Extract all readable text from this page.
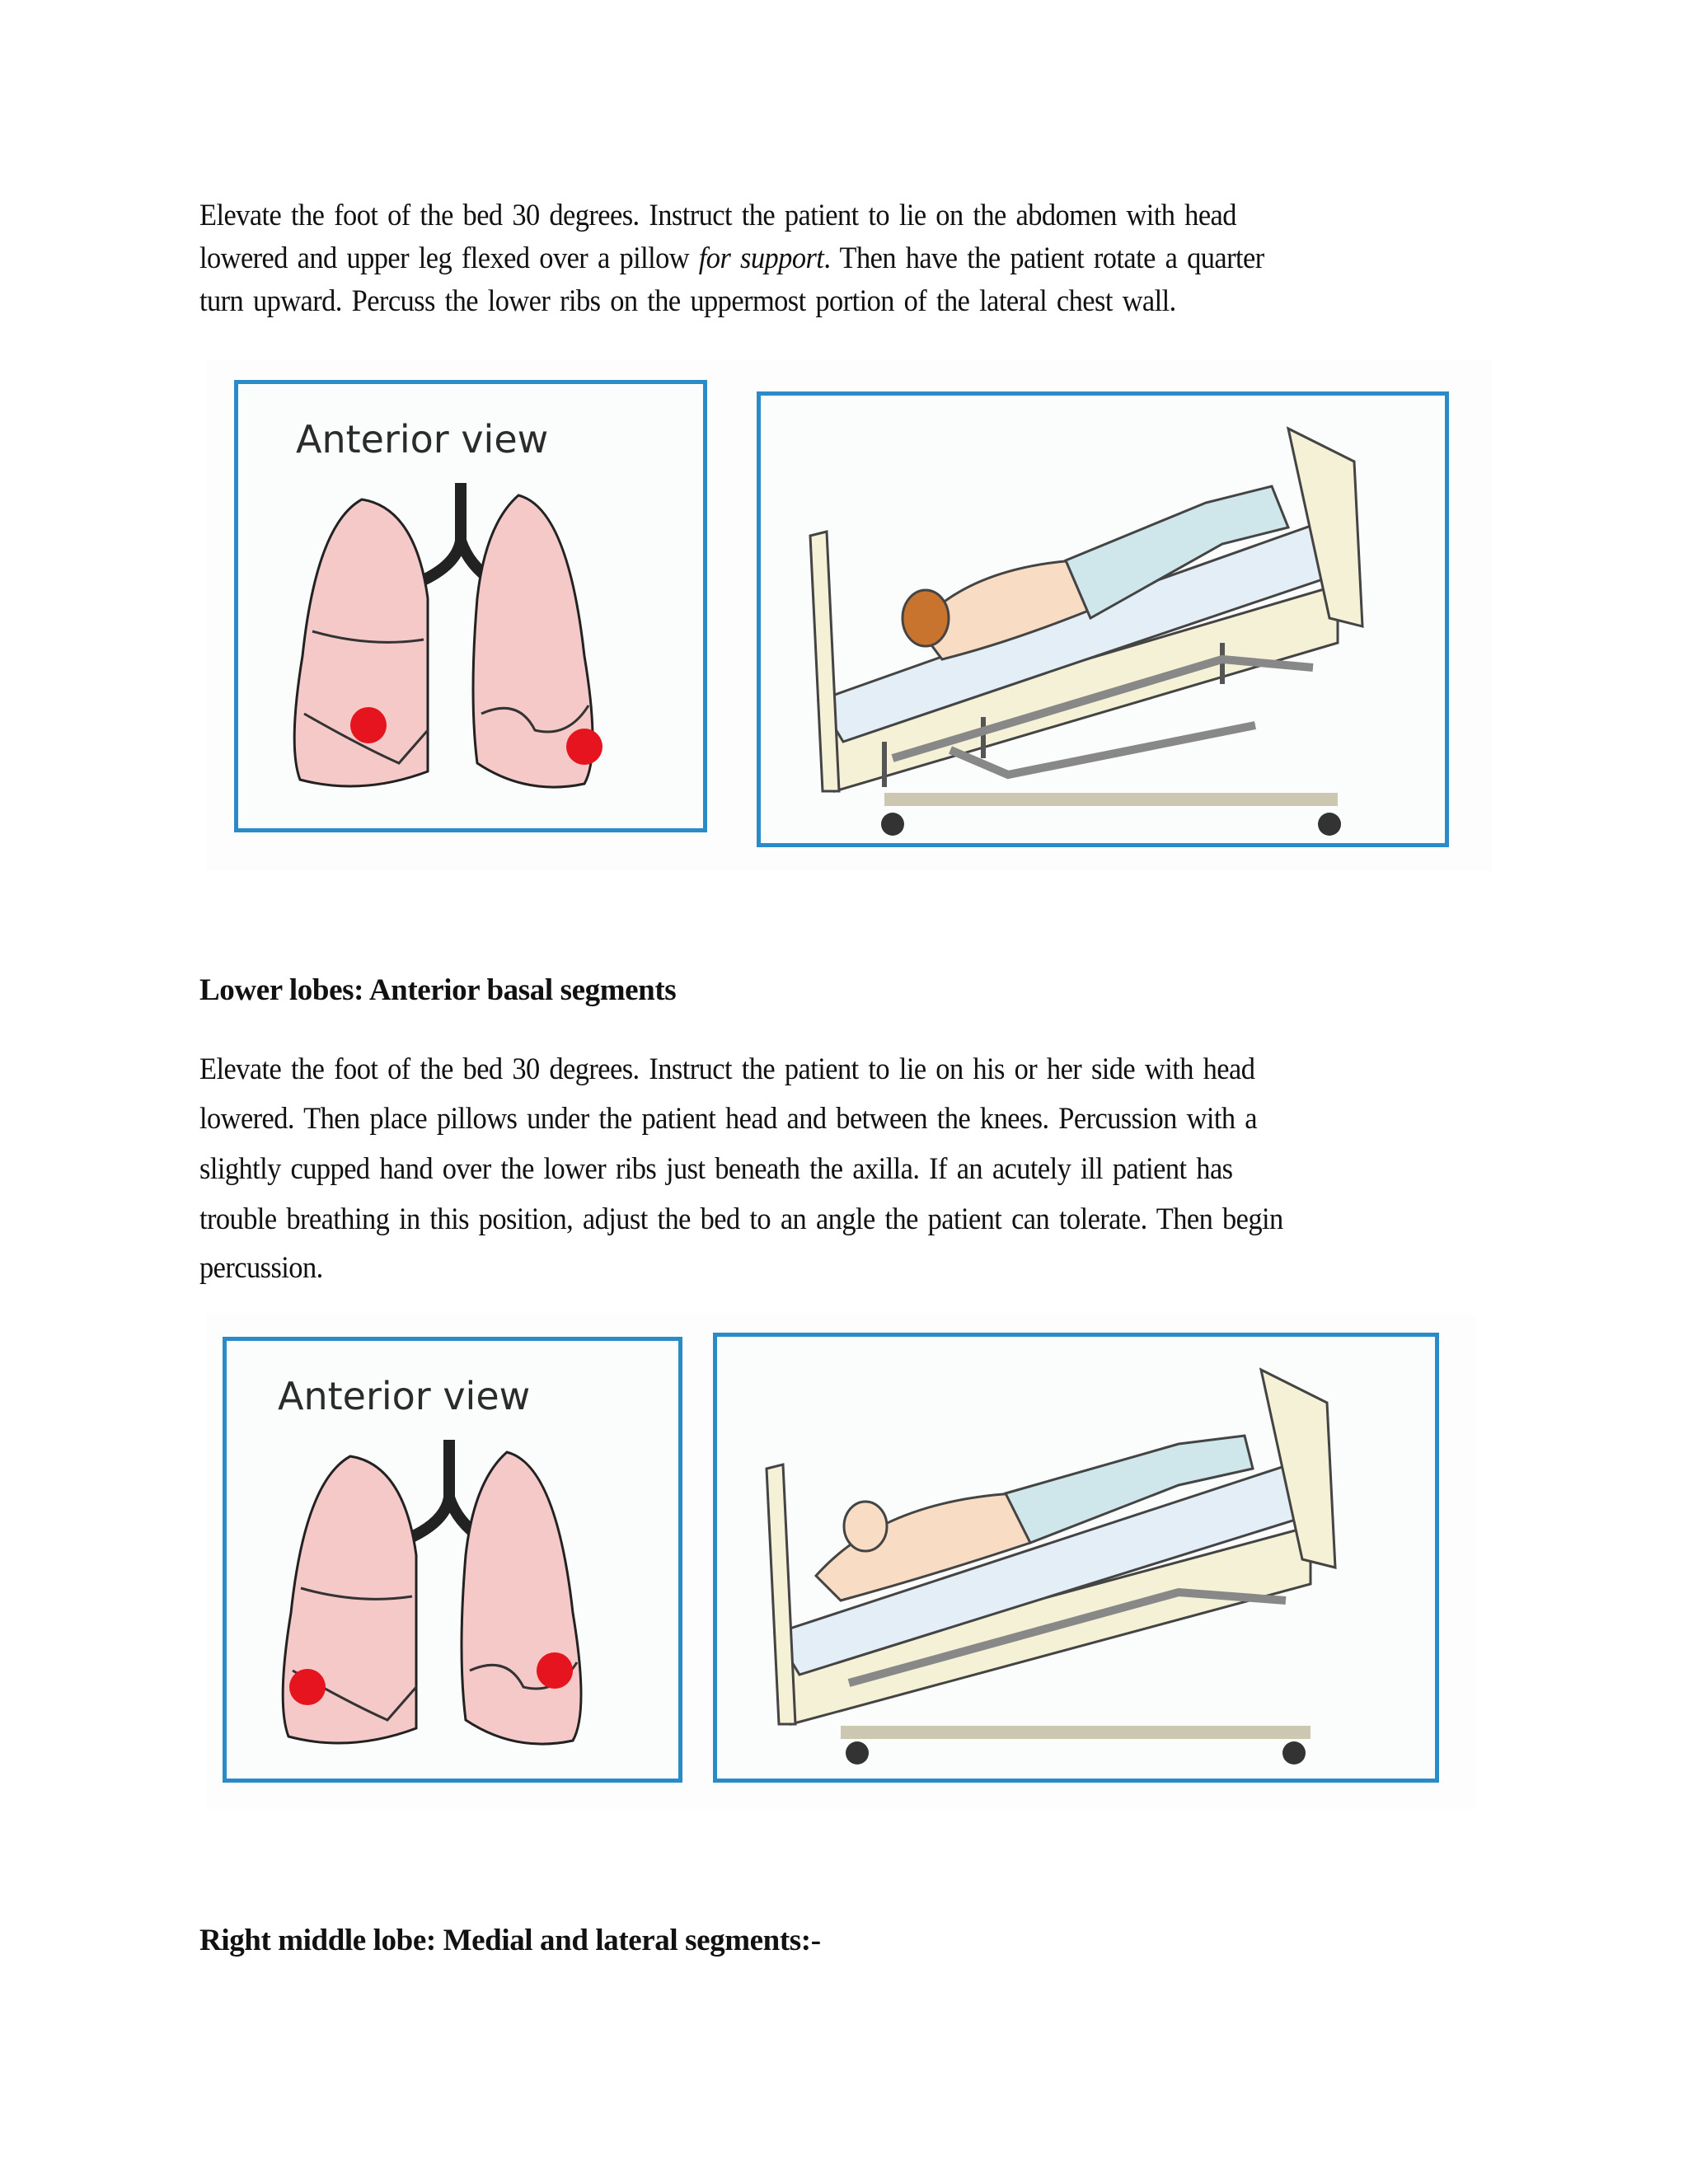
Elevate the foot of the bed 30 degrees. Instruct the patient to lie on the abdomen with head
lowered and upper leg flexed over a pillow for support. Then have the patient rotate a quarter
turn upward. Percuss the lower ribs on the uppermost portion of the lateral chest wall.
Anterior view
Lower lobes: Anterior basal segments
Elevate the foot of the bed 30 degrees. Instruct the patient to lie on his or her side with head
lowered. Then place pillows under the patient head and between the knees. Percussion with a
slightly cupped hand over the lower ribs just beneath the axilla. If an acutely ill patient has
trouble breathing in this position, adjust the bed to an angle the patient can tolerate. Then begin
percussion.
Anterior view
Right middle lobe: Medial and lateral segments:-
